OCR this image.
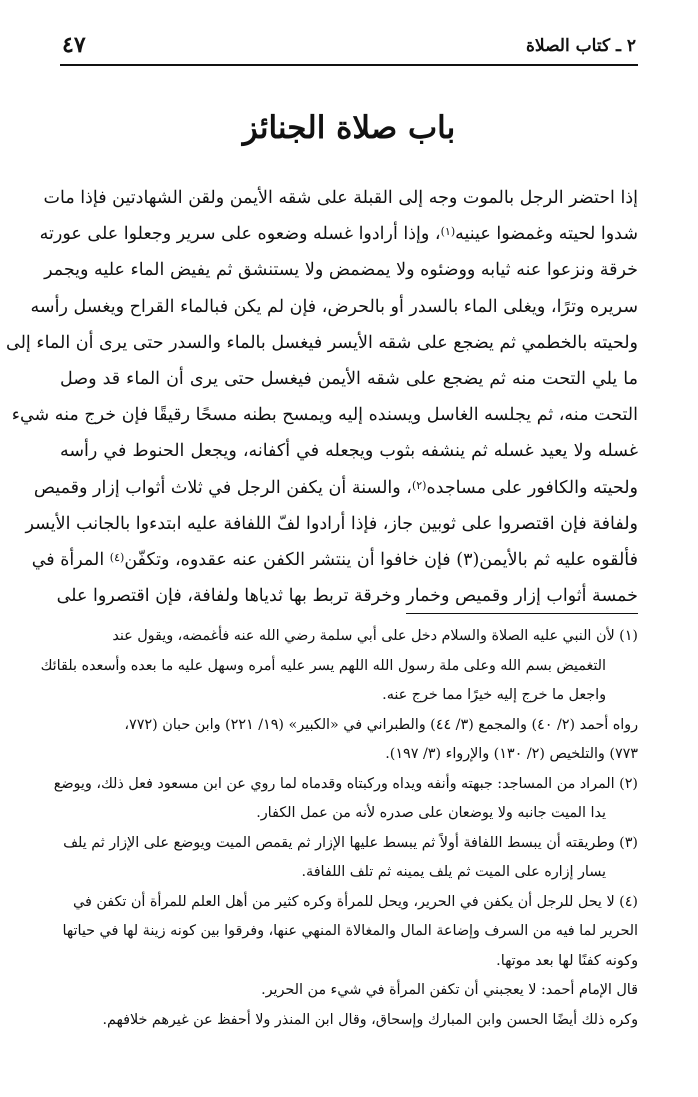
٢ ـ كتاب الصلاة
٤٧
باب صلاة الجنائز
إذا احتضر الرجل بالموت وجه إلى القبلة على شقه الأيمن ولقن الشهادتين فإذا مات
شدوا لحيته وغمضوا عينيه$^{(١)}$، وإذا أرادوا غسله وضعوه على سرير وجعلوا على عورته
خرقة ونزعوا عنه ثيابه ووضئوه ولا يمضمض ولا يستنشق ثم يفيض الماء عليه ويجمر
سريره وترًا، ويغلى الماء بالسدر أو بالحرض، فإن لم يكن فبالماء القراح ويغسل رأسه
ولحيته بالخطمي ثم يضجع على شقه الأيسر فيغسل بالماء والسدر حتى يرى أن الماء إلى
ما يلي التحت منه ثم يضجع على شقه الأيمن فيغسل حتى يرى أن الماء قد وصل
التحت منه، ثم يجلسه الغاسل ويسنده إليه ويمسح بطنه مسحًا رقيقًا فإن خرج منه شيء
غسله ولا يعيد غسله ثم ينشفه بثوب ويجعله في أكفانه، ويجعل الحنوط في رأسه
ولحيته والكافور على مساجده$^{(٢)}$، والسنة أن يكفن الرجل في ثلاث أثواب إزار وقميص
ولفافة فإن اقتصروا على ثوبين جاز، فإذا أرادوا لفّ اللفافة عليه ابتدءوا بالجانب الأيسر
فألقوه عليه ثم بالأيمن(٣) فإن خافوا أن ينتشر الكفن عنه عقدوه، وتكفّن$^{(٤)}$ المرأة في
خمسة أثواب إزار وقميص وخمار وخرقة تربط بها ثدياها ولفافة، فإن اقتصروا على
(١) لأن النبي عليه الصلاة والسلام دخل على أبي سلمة رضي الله عنه فأغمضه، ويقول عند
التغميض بسم الله وعلى ملة رسول الله اللهم يسر عليه أمره وسهل عليه ما بعده وأسعده بلقائك
واجعل ما خرج إليه خيرًا مما خرج عنه.
رواه أحمد (٢/ ٤٠) والمجمع (٣/ ٤٤) والطبراني في «الكبير» (١٩/ ٢٢١) وابن حبان (٧٧٢،
٧٧٣) والتلخيص (٢/ ١٣٠) والإرواء (٣/ ١٩٧).
(٢) المراد من المساجد: جبهته وأنفه ويداه وركبتاه وقدماه لما روي عن ابن مسعود فعل ذلك، ويوضع
يدا الميت جانبه ولا يوضعان على صدره لأنه من عمل الكفار.
(٣) وطريقته أن يبسط اللفافة أولاً ثم يبسط عليها الإزار ثم يقمص الميت ويوضع على الإزار ثم يلف
يسار إزاره على الميت ثم يلف يمينه ثم تلف اللفافة.
(٤) لا يحل للرجل أن يكفن في الحرير، ويحل للمرأة وكره كثير من أهل العلم للمرأة أن تكفن في
الحرير لما فيه من السرف وإضاعة المال والمغالاة المنهي عنها، وفرقوا بين كونه زينة لها في حياتها
وكونه كفنًا لها بعد موتها.
قال الإمام أحمد: لا يعجبني أن تكفن المرأة في شيء من الحرير.
وكره ذلك أيضًا الحسن وابن المبارك وإسحاق، وقال ابن المنذر ولا أحفظ عن غيرهم خلافهم.
